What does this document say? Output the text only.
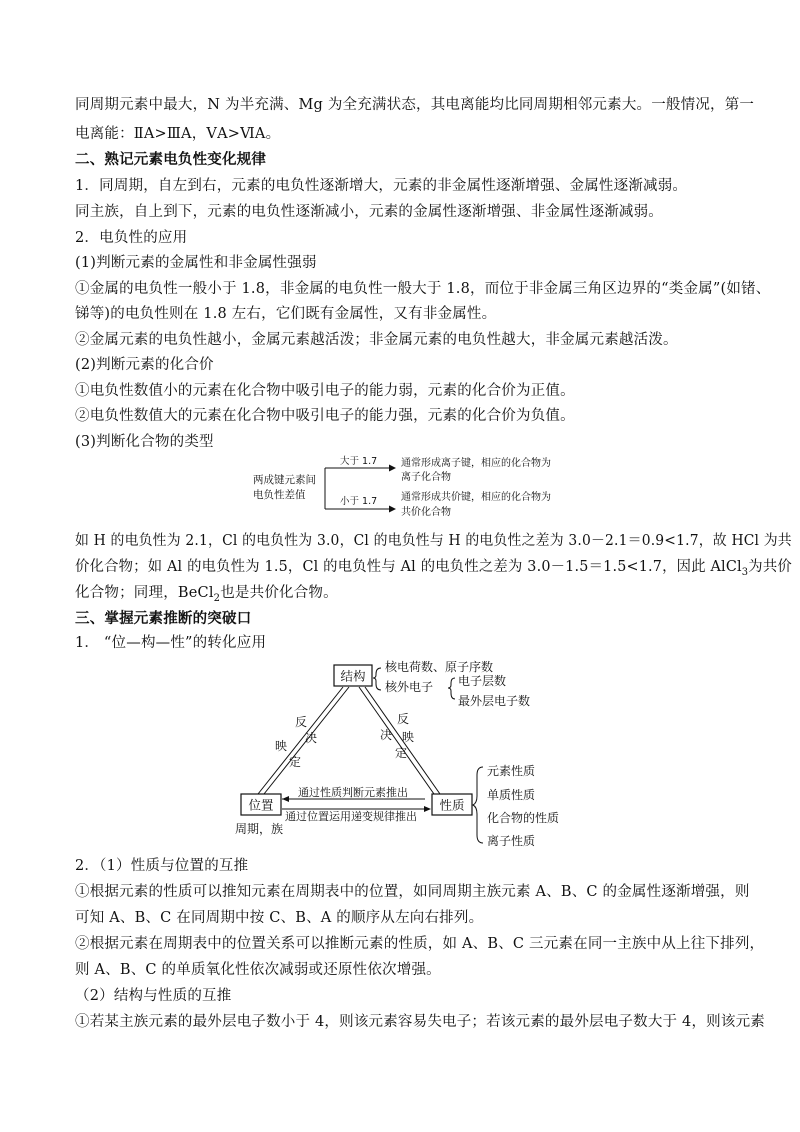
同周期元素中最大，N 为半充满、Mg 为全充满状态，其电离能均比同周期相邻元素大。一般情况，第一
电离能：ⅡA>ⅢA，ⅤA>ⅥA。
二、熟记元素电负性变化规律
1．同周期，自左到右，元素的电负性逐渐增大，元素的非金属性逐渐增强、金属性逐渐减弱。
同主族，自上到下，元素的电负性逐渐减小，元素的金属性逐渐增强、非金属性逐渐减弱。
2．电负性的应用
(1)判断元素的金属性和非金属性强弱
①金属的电负性一般小于 1.8，非金属的电负性一般大于 1.8，而位于非金属三角区边界的“类金属”(如锗、
锑等)的电负性则在 1.8 左右，它们既有金属性，又有非金属性。
②金属元素的电负性越小，金属元素越活泼；非金属元素的电负性越大，非金属元素越活泼。
(2)判断元素的化合价
①电负性数值小的元素在化合物中吸引电子的能力弱，元素的化合价为正值。
②电负性数值大的元素在化合物中吸引电子的能力强，元素的化合价为负值。
(3)判断化合物的类型
两成键元素间
电负性差值
大于 1.7
小于 1.7
通常形成离子键，相应的化合物为
离子化合物
通常形成共价键，相应的化合物为
共价化合物
如 H 的电负性为 2.1，Cl 的电负性为 3.0，Cl 的电负性与 H 的电负性之差为 3.0－2.1＝0.9<1.7，故 HCl 为共
价化合物；如 Al 的电负性为 1.5，Cl 的电负性与 Al 的电负性之差为 3.0－1.5＝1.5<1.7，因此 AlCl$_3$为共价
化合物；同理，BeCl$_2$也是共价化合物。
三、掌握元素推断的突破口
1． “位—构—性”的转化应用
结构
核电荷数、原子序数
核外电子 电子层数
最外层电子数
反
决
映
定
反
映
决
定
位置	性质
通过性质判断元素推出
通过位置运用递变规律推出
周期，族
元素性质
单质性质
化合物的性质
离子性质
2．（1）性质与位置的互推
①根据元素的性质可以推知元素在周期表中的位置，如同周期主族元素 A、B、C 的金属性逐渐增强，则
可知 A、B、C 在同周期中按 C、B、A 的顺序从左向右排列。
②根据元素在周期表中的位置关系可以推断元素的性质，如 A、B、C 三元素在同一主族中从上往下排列，
则 A、B、C 的单质氧化性依次减弱或还原性依次增强。
（2）结构与性质的互推
①若某主族元素的最外层电子数小于 4，则该元素容易失电子；若该元素的最外层电子数大于 4，则该元素
